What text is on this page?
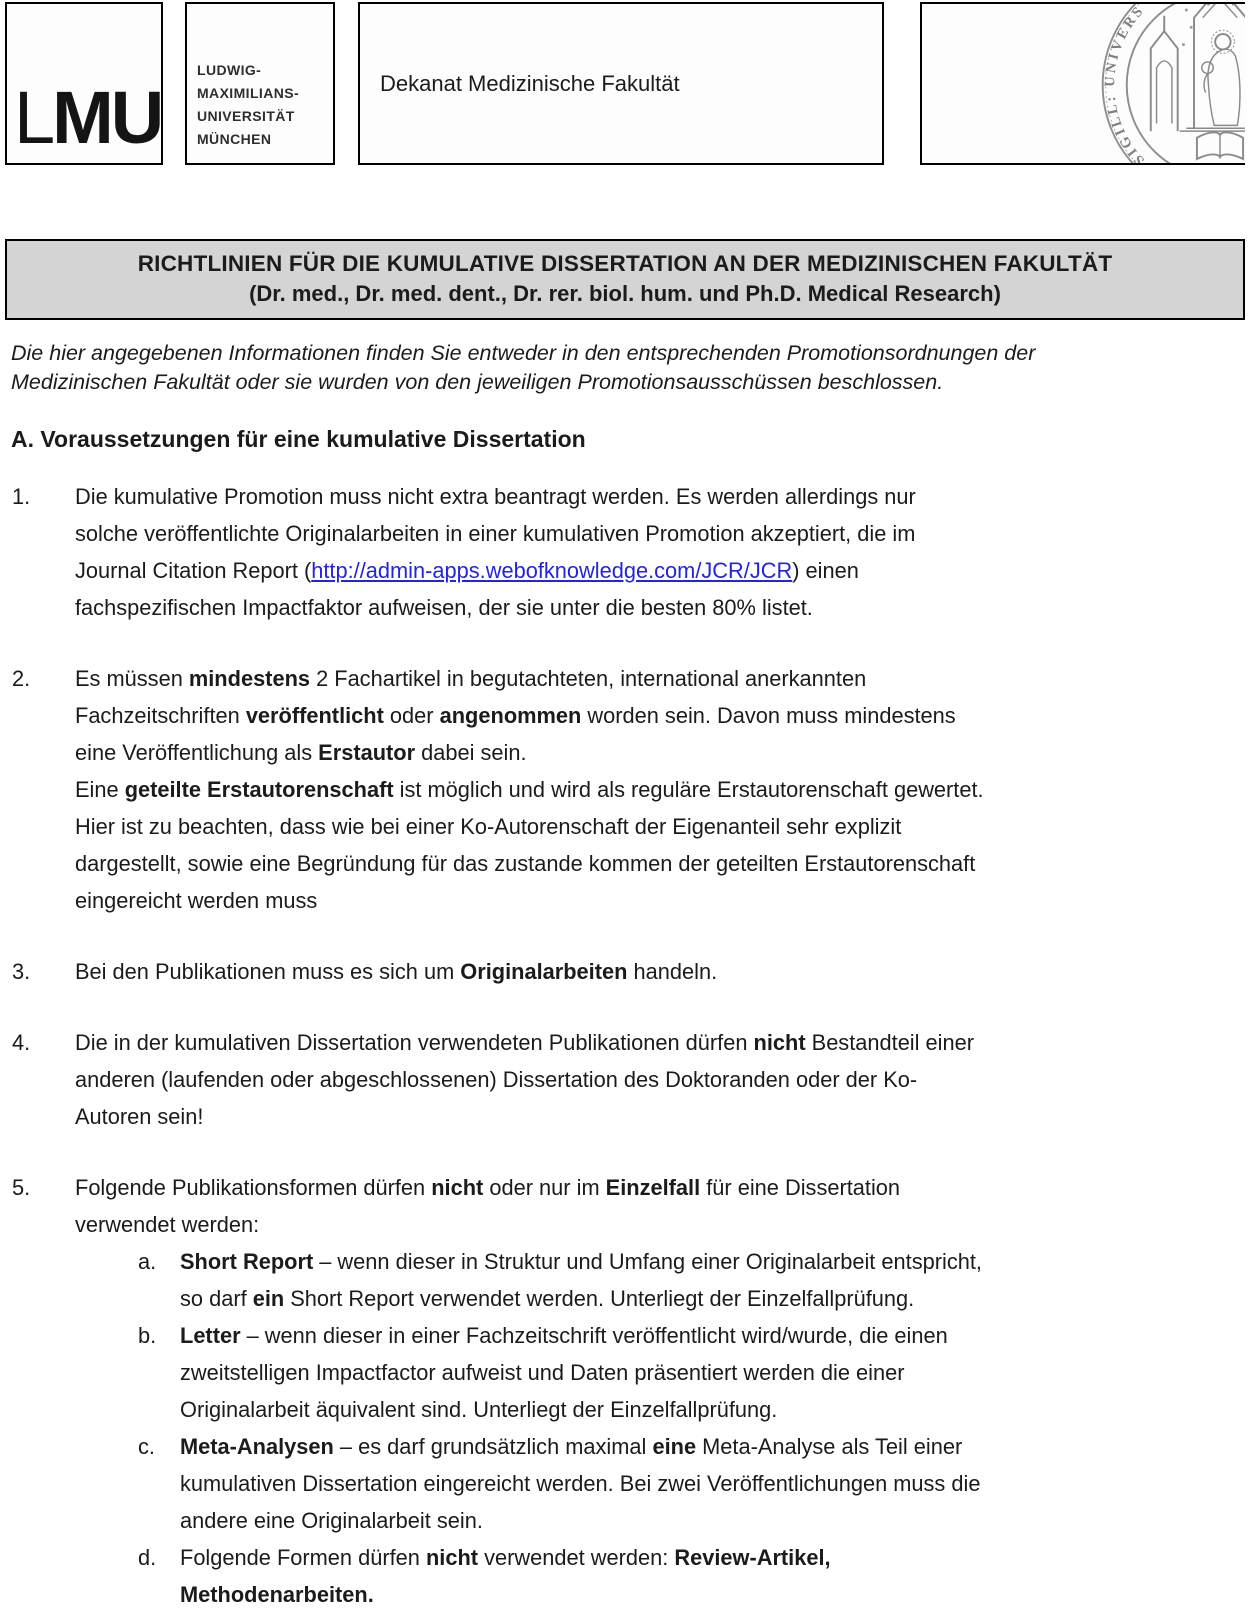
LMU
LUDWIG-
MAXIMILIANS-
UNIVERSITÄT
MÜNCHEN
Dekanat Medizinische Fakultät
SIGILL: UNIVERS
RICHTLINIEN FÜR DIE KUMULATIVE DISSERTATION AN DER MEDIZINISCHEN FAKULTÄT
(Dr. med., Dr. med. dent., Dr. rer. biol. hum. und Ph.D. Medical Research)
Die hier angegebenen Informationen finden Sie entweder in den entsprechenden Promotionsordnungen der
Medizinischen Fakultät oder sie wurden von den jeweiligen Promotionsausschüssen beschlossen.
A. Voraussetzungen für eine kumulative Dissertation
1.	Die kumulative Promotion muss nicht extra beantragt werden. Es werden allerdings nur
solche veröffentlichte Originalarbeiten in einer kumulativen Promotion akzeptiert, die im
Journal Citation Report (http://admin-apps.webofknowledge.com/JCR/JCR) einen
fachspezifischen Impactfaktor aufweisen, der sie unter die besten 80% listet.
2.	Es müssen mindestens 2 Fachartikel in begutachteten, international anerkannten
Fachzeitschriften veröffentlicht oder angenommen worden sein. Davon muss mindestens
eine Veröffentlichung als Erstautor dabei sein.
Eine geteilte Erstautorenschaft ist möglich und wird als reguläre Erstautorenschaft gewertet.
Hier ist zu beachten, dass wie bei einer Ko-Autorenschaft der Eigenanteil sehr explizit
dargestellt, sowie eine Begründung für das zustande kommen der geteilten Erstautorenschaft
eingereicht werden muss
3.	Bei den Publikationen muss es sich um Originalarbeiten handeln.
4.	Die in der kumulativen Dissertation verwendeten Publikationen dürfen nicht Bestandteil einer
anderen (laufenden oder abgeschlossenen) Dissertation des Doktoranden oder der Ko-
Autoren sein!
5.	Folgende Publikationsformen dürfen nicht oder nur im Einzelfall für eine Dissertation
verwendet werden:
a.	Short Report – wenn dieser in Struktur und Umfang einer Originalarbeit entspricht,
so darf ein Short Report verwendet werden. Unterliegt der Einzelfallprüfung.
b.	Letter – wenn dieser in einer Fachzeitschrift veröffentlicht wird/wurde, die einen
zweitstelligen Impactfactor aufweist und Daten präsentiert werden die einer
Originalarbeit äquivalent sind. Unterliegt der Einzelfallprüfung.
c.	Meta-Analysen – es darf grundsätzlich maximal eine Meta-Analyse als Teil einer
kumulativen Dissertation eingereicht werden. Bei zwei Veröffentlichungen muss die
andere eine Originalarbeit sein.
d.	Folgende Formen dürfen nicht verwendet werden: Review-Artikel,
Methodenarbeiten.
